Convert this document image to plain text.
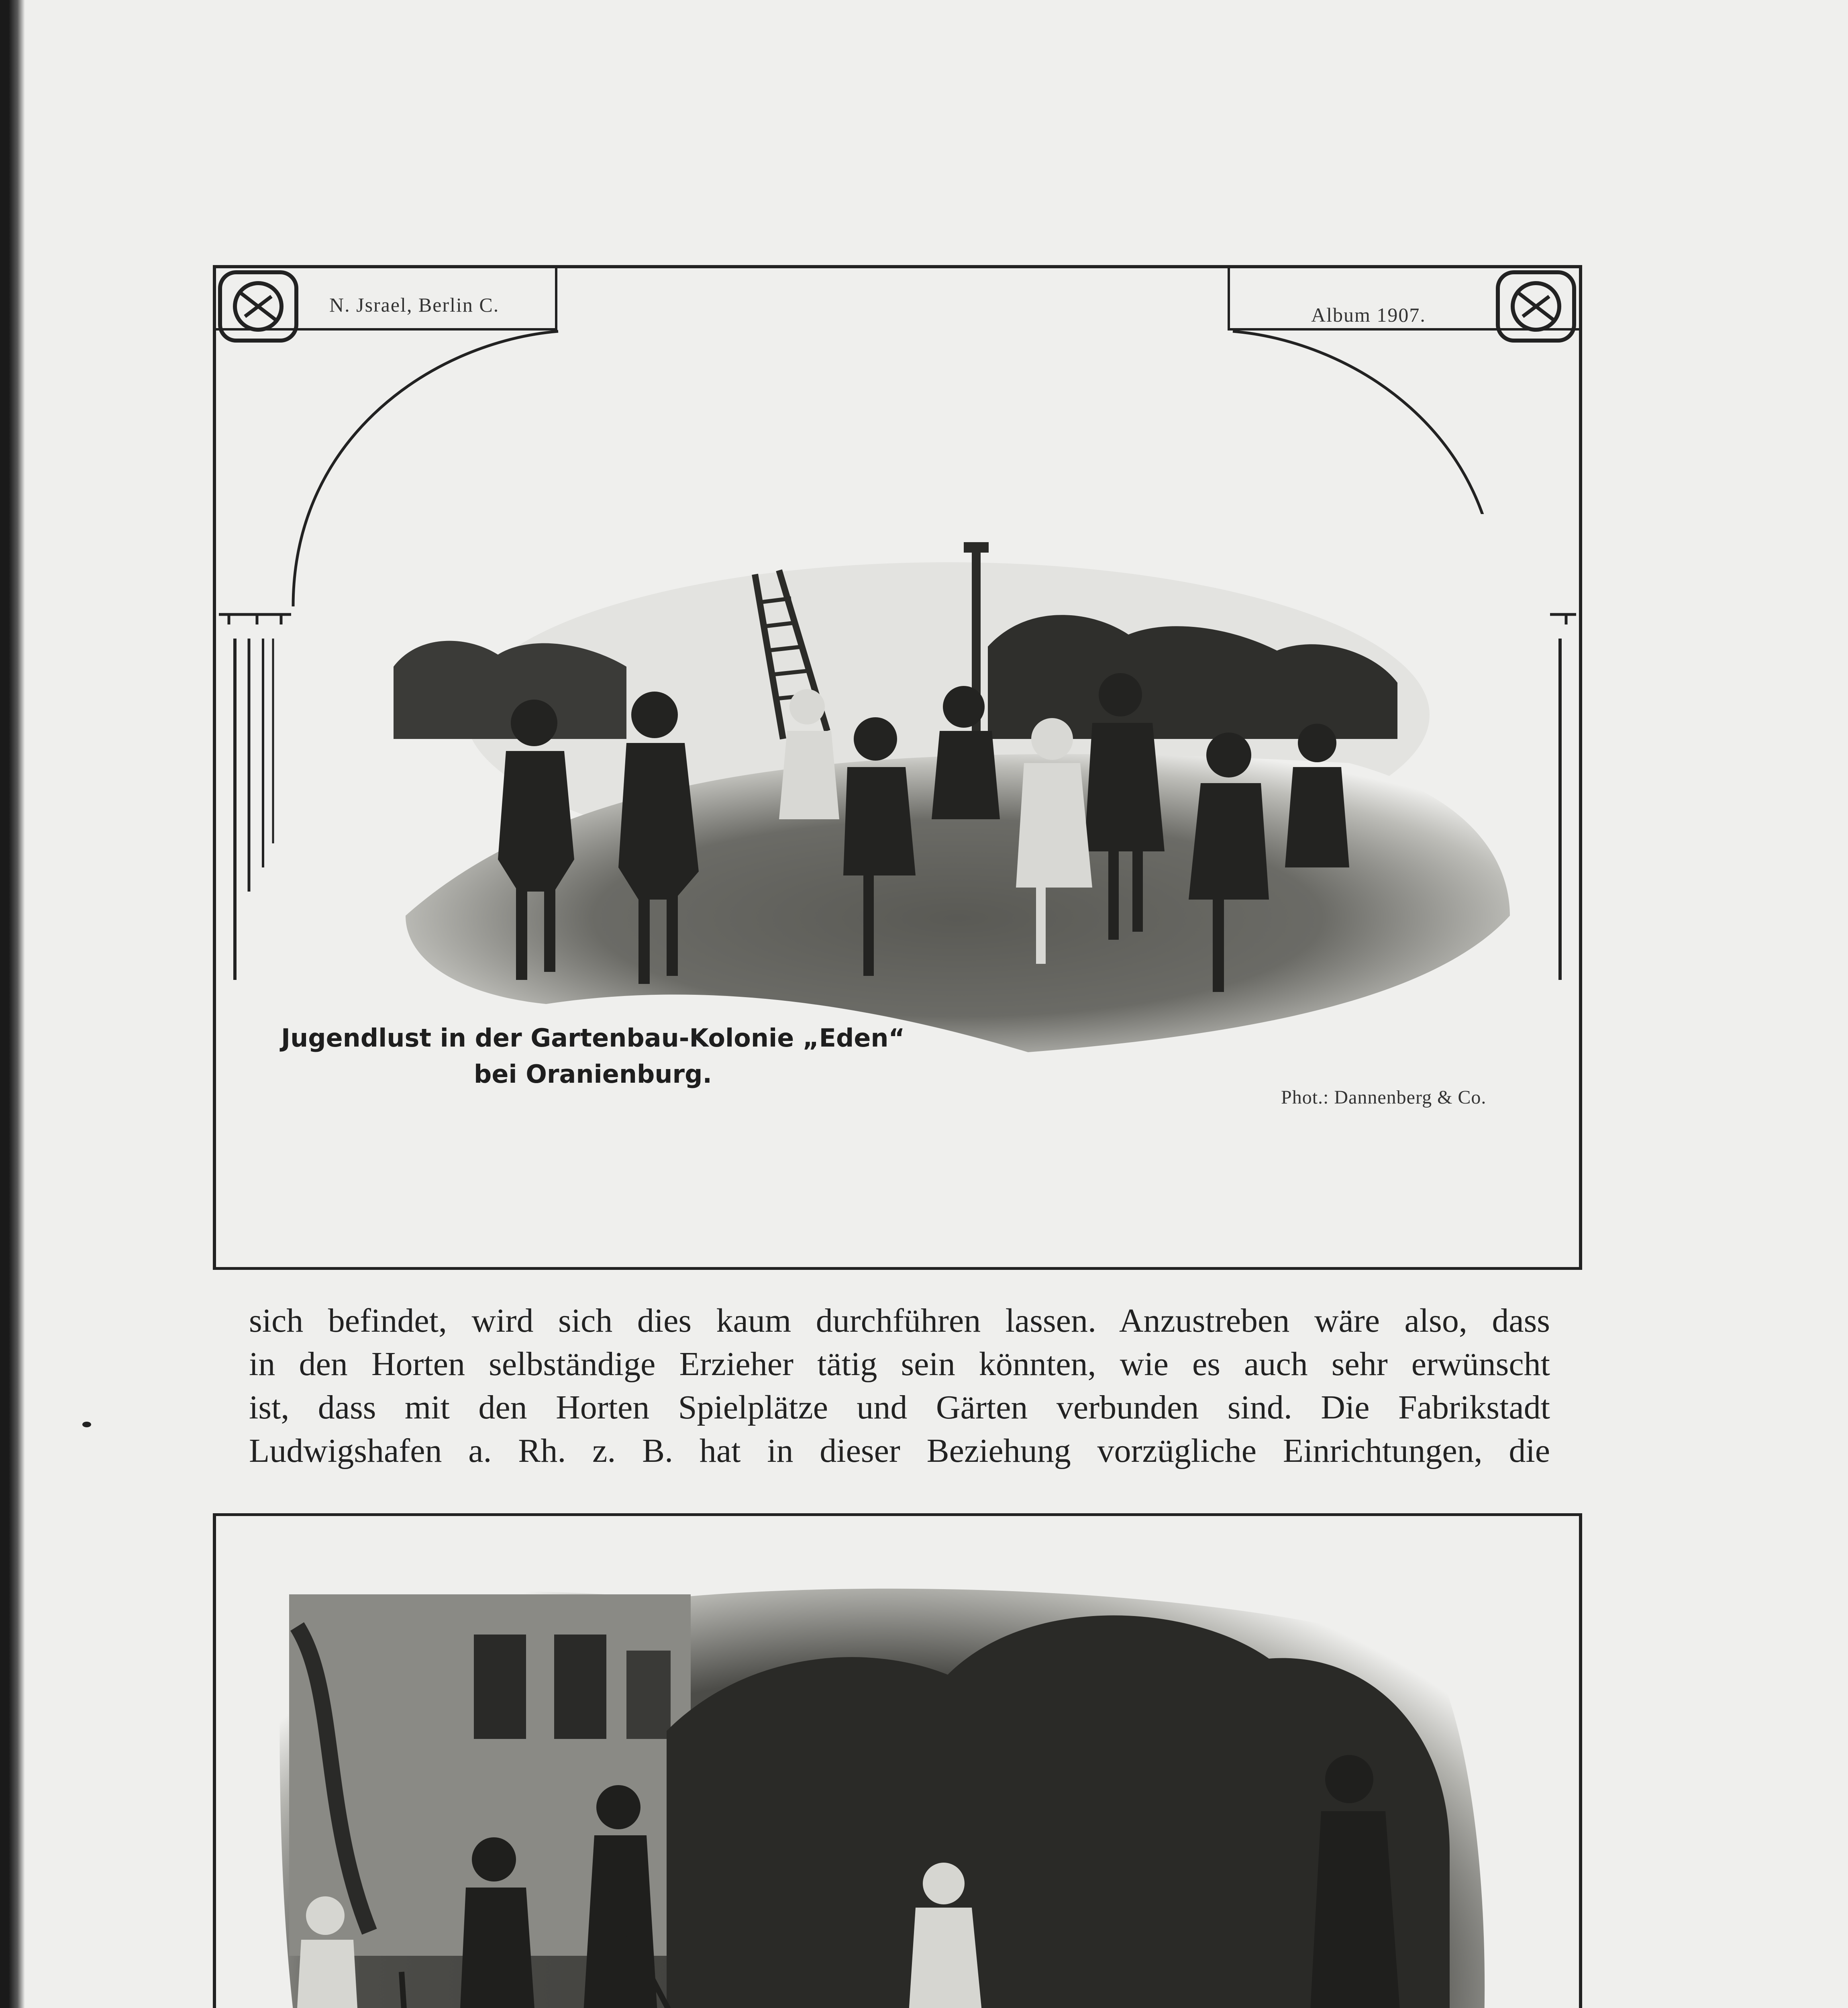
N. Jsrael, Berlin C.	Album 1907.
Jugendlust in der Gartenbau-Kolonie „Eden“
bei Oranienburg.
Phot.: Dannenberg & Co.
sich befindet, wird sich dies kaum durchführen lassen. Anzustreben wäre also, dass
in den Horten selbständige Erzieher tätig sein könnten, wie es auch sehr erwünscht
ist, dass mit den Horten Spielplätze und Gärten verbunden sind. Die Fabrikstadt
Ludwigshafen a. Rh. z. B. hat in dieser Beziehung vorzügliche Einrichtungen, die
